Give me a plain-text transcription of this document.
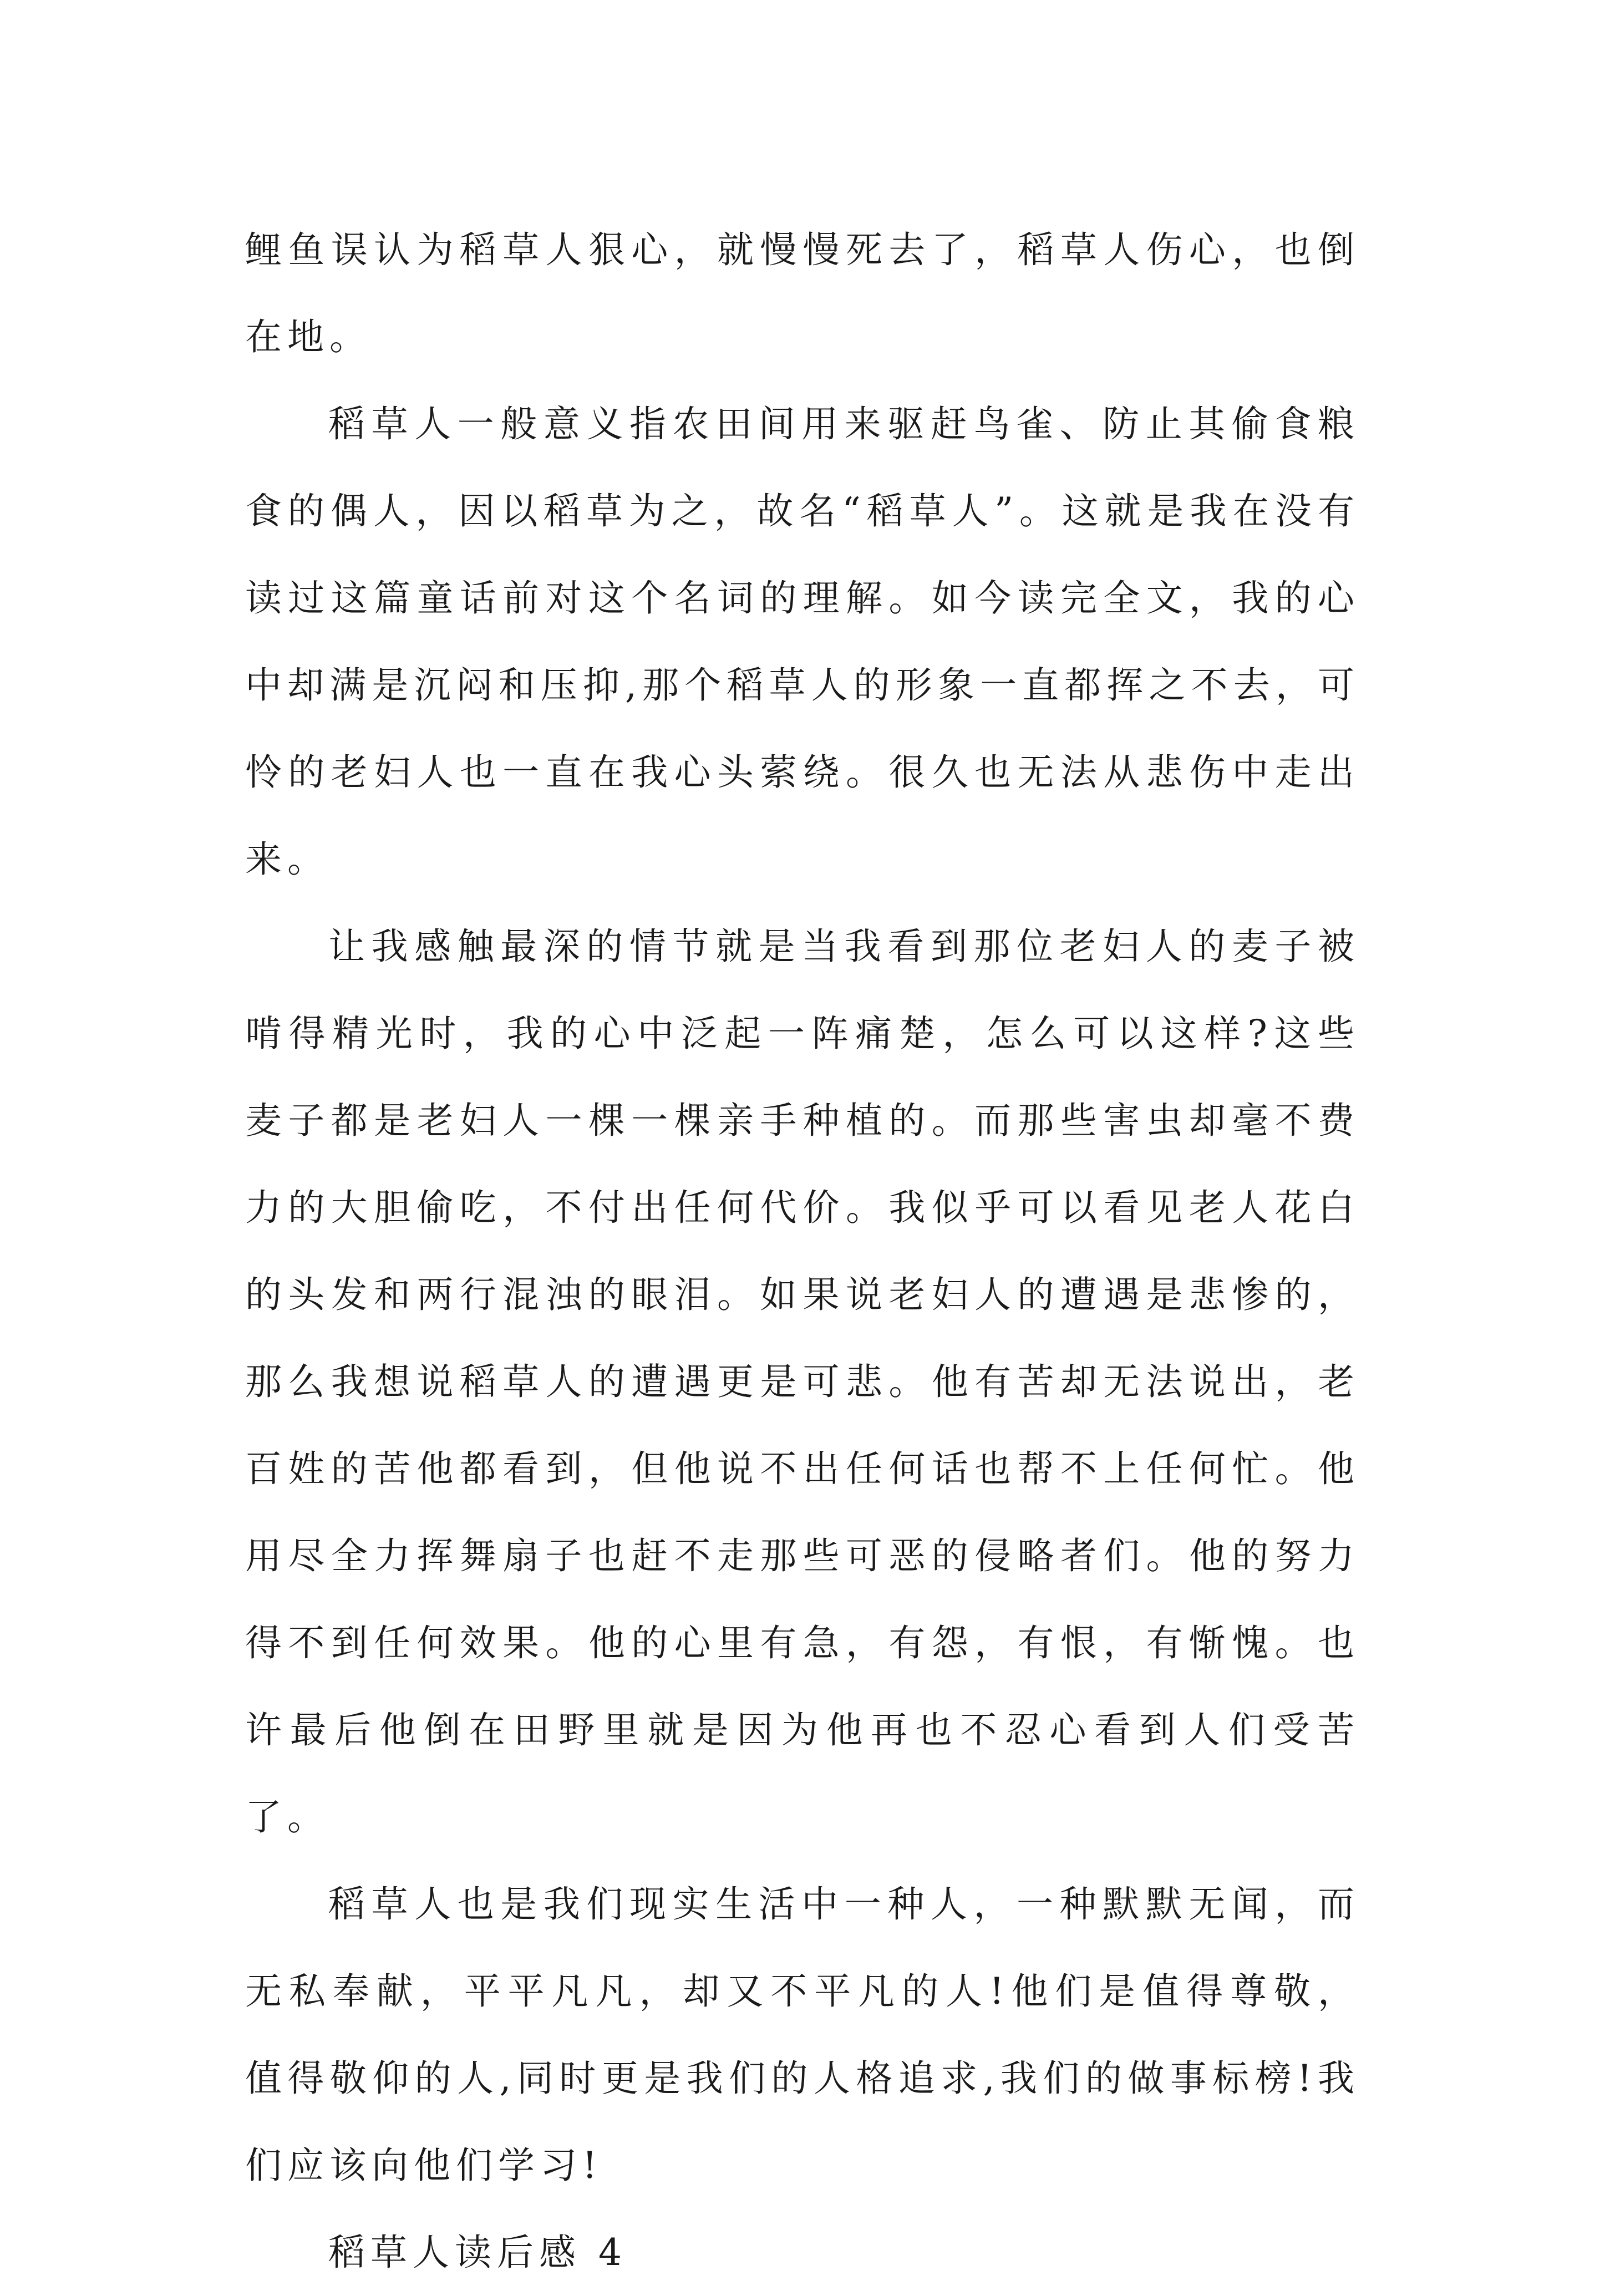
鲤鱼误认为稻草人狠心，就慢慢死去了，稻草人伤心，也倒在地。

稻草人一般意义指农田间用来驱赶鸟雀、防止其偷食粮食的偶人，因以稻草为之，故名“稻草人”。这就是我在没有读过这篇童话前对这个名词的理解。如今读完全文，我的心中却满是沉闷和压抑,那个稻草人的形象一直都挥之不去，可怜的老妇人也一直在我心头萦绕。很久也无法从悲伤中走出来。

让我感触最深的情节就是当我看到那位老妇人的麦子被啃得精光时，我的心中泛起一阵痛楚，怎么可以这样?这些麦子都是老妇人一棵一棵亲手种植的。而那些害虫却毫不费力的大胆偷吃，不付出任何代价。我似乎可以看见老人花白的头发和两行混浊的眼泪。如果说老妇人的遭遇是悲惨的，那么我想说稻草人的遭遇更是可悲。他有苦却无法说出，老百姓的苦他都看到，但他说不出任何话也帮不上任何忙。他用尽全力挥舞扇子也赶不走那些可恶的侵略者们。他的努力得不到任何效果。他的心里有急，有怨，有恨，有惭愧。也许最后他倒在田野里就是因为他再也不忍心看到人们受苦了。

稻草人也是我们现实生活中一种人，一种默默无闻，而无私奉献，平平凡凡，却又不平凡的人!他们是值得尊敬，值得敬仰的人,同时更是我们的人格追求,我们的做事标榜!我们应该向他们学习!

稻草人读后感 4
